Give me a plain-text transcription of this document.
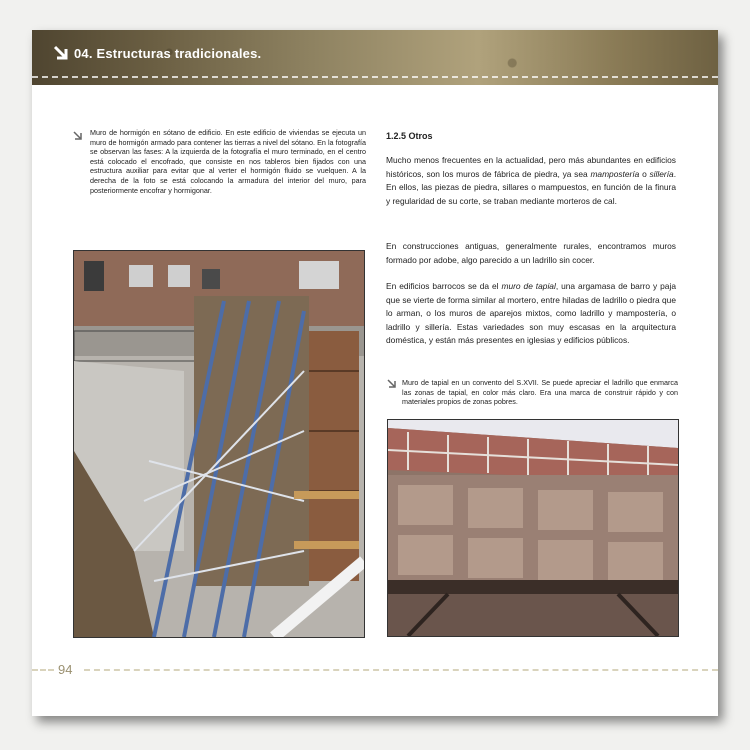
04. Estructuras tradicionales.
Muro de hormigón en sótano de edificio. En este edificio de viviendas se ejecuta un muro de hormigón armado para contener las tierras a nivel del sótano. En la fotografía se observan las fases: A la izquierda de la fotografía el muro terminado, en el centro está colocado el encofrado, que consiste en nos tableros bien fijados con una estructura auxiliar para evitar que al verter el hormigón fluido se vuelquen. A la derecha de la foto se está colocando la armadura del interior del muro, para posteriormente encofrar y hormigonar.
1.2.5 Otros

Mucho menos frecuentes en la actualidad, pero más abundantes en edificios históricos, son los muros de fábrica de piedra, ya sea mampostería o sillería. En ellos, las piezas de piedra, sillares o mampuestos, en función de la finura y regularidad de su corte, se traban mediante morteros de cal.

En construcciones antiguas, generalmente rurales, encontramos muros formado por adobe, algo parecido a un ladrillo sin cocer.

En edificios barrocos se da el muro de tapial, una argamasa de barro y paja que se vierte de forma similar al mortero, entre hiladas de ladrillo o piedra que lo arman, o los muros de aparejos mixtos, como ladrillo y mampostería, o ladrillo y sillería. Estas variedades son muy escasas en la arquitectura doméstica, y están más presentes en iglesias y edificios públicos.

Muro de tapial en un convento del S.XVII. Se puede apreciar el ladrillo que enmarca las zonas de tapial, en color más claro. Era una marca de construir rápido y con materiales propios de zonas pobres.
94
